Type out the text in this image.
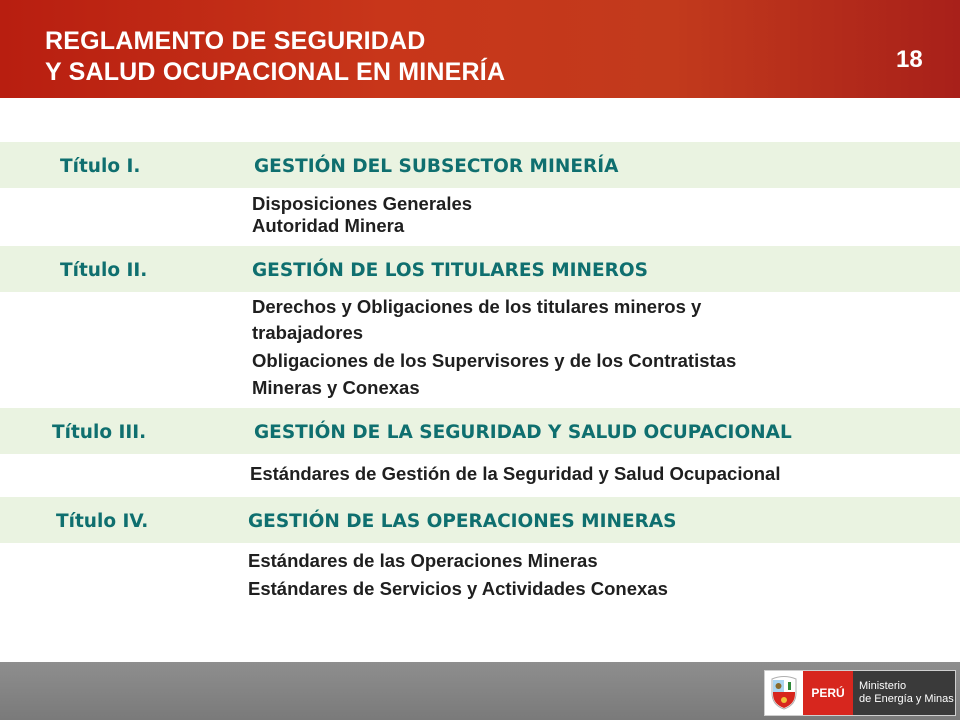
REGLAMENTO DE SEGURIDAD
Y SALUD OCUPACIONAL EN MINERÍA	18
Título I.	GESTIÓN DEL SUBSECTOR MINERÍA
Disposiciones Generales
Autoridad Minera
Título II.	GESTIÓN DE LOS TITULARES MINEROS
Derechos y Obligaciones de los titulares mineros y
trabajadores
Obligaciones de los Supervisores y de los Contratistas
Mineras y Conexas
Título III.	GESTIÓN DE LA SEGURIDAD Y SALUD OCUPACIONAL
Estándares de Gestión de la Seguridad y Salud Ocupacional
Título IV.	GESTIÓN DE LAS OPERACIONES MINERAS
Estándares de las Operaciones Mineras
Estándares de Servicios y Actividades Conexas
PERÚ	Ministerio
de Energía y Minas
